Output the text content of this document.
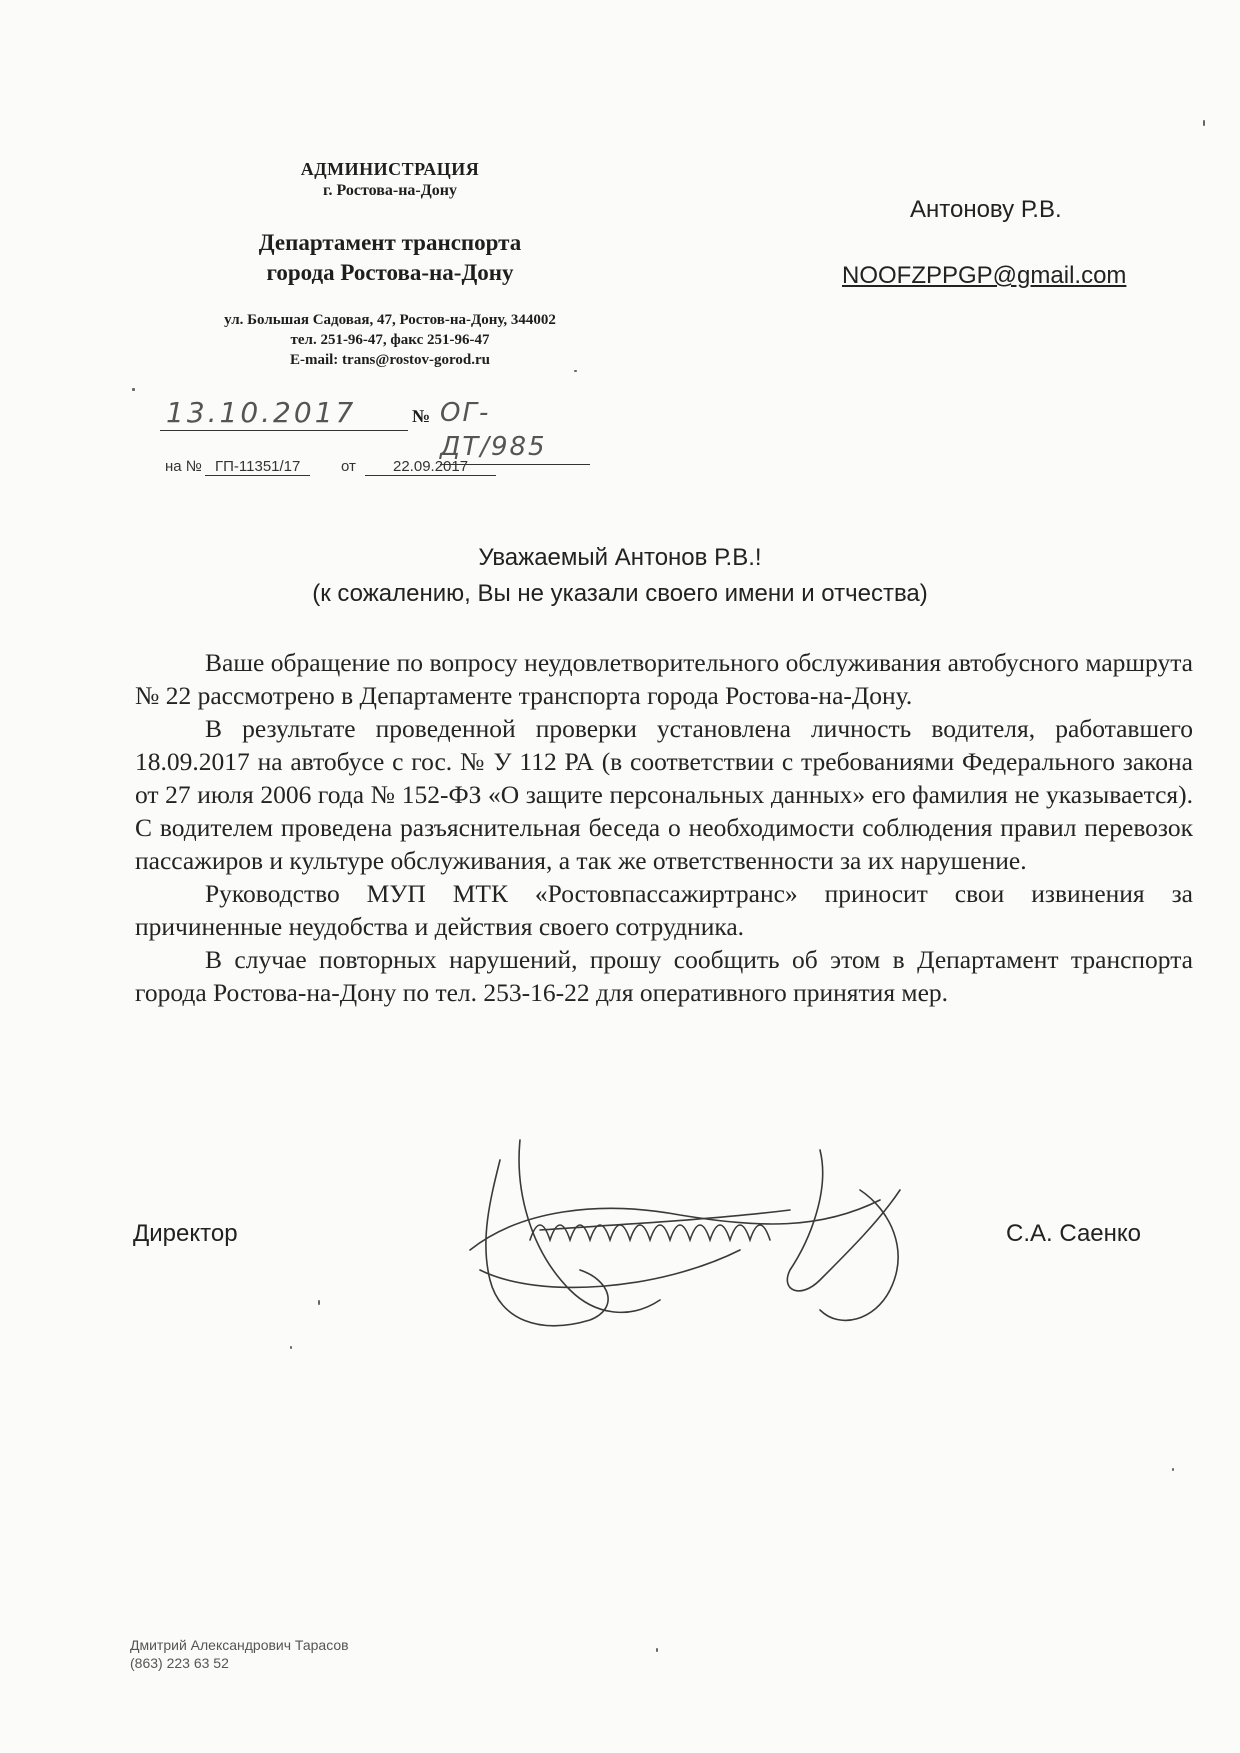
АДМИНИСТРАЦИЯ
г. Ростова-на-Дону
Департамент транспорта
города Ростова-на-Дону
ул. Большая Садовая, 47, Ростов-на-Дону, 344002
тел. 251-96-47, факс 251-96-47
E-mail: trans@rostov-gorod.ru
13.10.2017	№ ОГ-ДТ/985
на № ГП-11351/17	от	22.09.2017
Антонову Р.В.
NOOFZPPGP@gmail.com
Уважаемый Антонов Р.В.!
(к сожалению, Вы не указали своего имени и отчества)

Ваше обращение по вопросу неудовлетворительного обслуживания автобусного маршрута № 22 рассмотрено в Департаменте транспорта города Ростова-на-Дону.

В результате проведенной проверки установлена личность водителя, работавшего 18.09.2017 на автобусе с гос. № У 112 РА (в соответствии с требованиями Федерального закона от 27 июля 2006 года № 152-ФЗ «О защите персональных данных» его фамилия не указывается). С водителем проведена разъяснительная беседа о необходимости соблюдения правил перевозок пассажиров и культуре обслуживания, а так же ответственности за их нарушение.

Руководство МУП МТК «Ростовпассажиртранс» приносит свои извинения за причиненные неудобства и действия своего сотрудника.

В случае повторных нарушений, прошу сообщить об этом в Департамент транспорта города Ростова-на-Дону по тел. 253-16-22 для оперативного принятия мер.

Директор	С.А. Саенко
Дмитрий Александрович Тарасов
(863) 223 63 52
